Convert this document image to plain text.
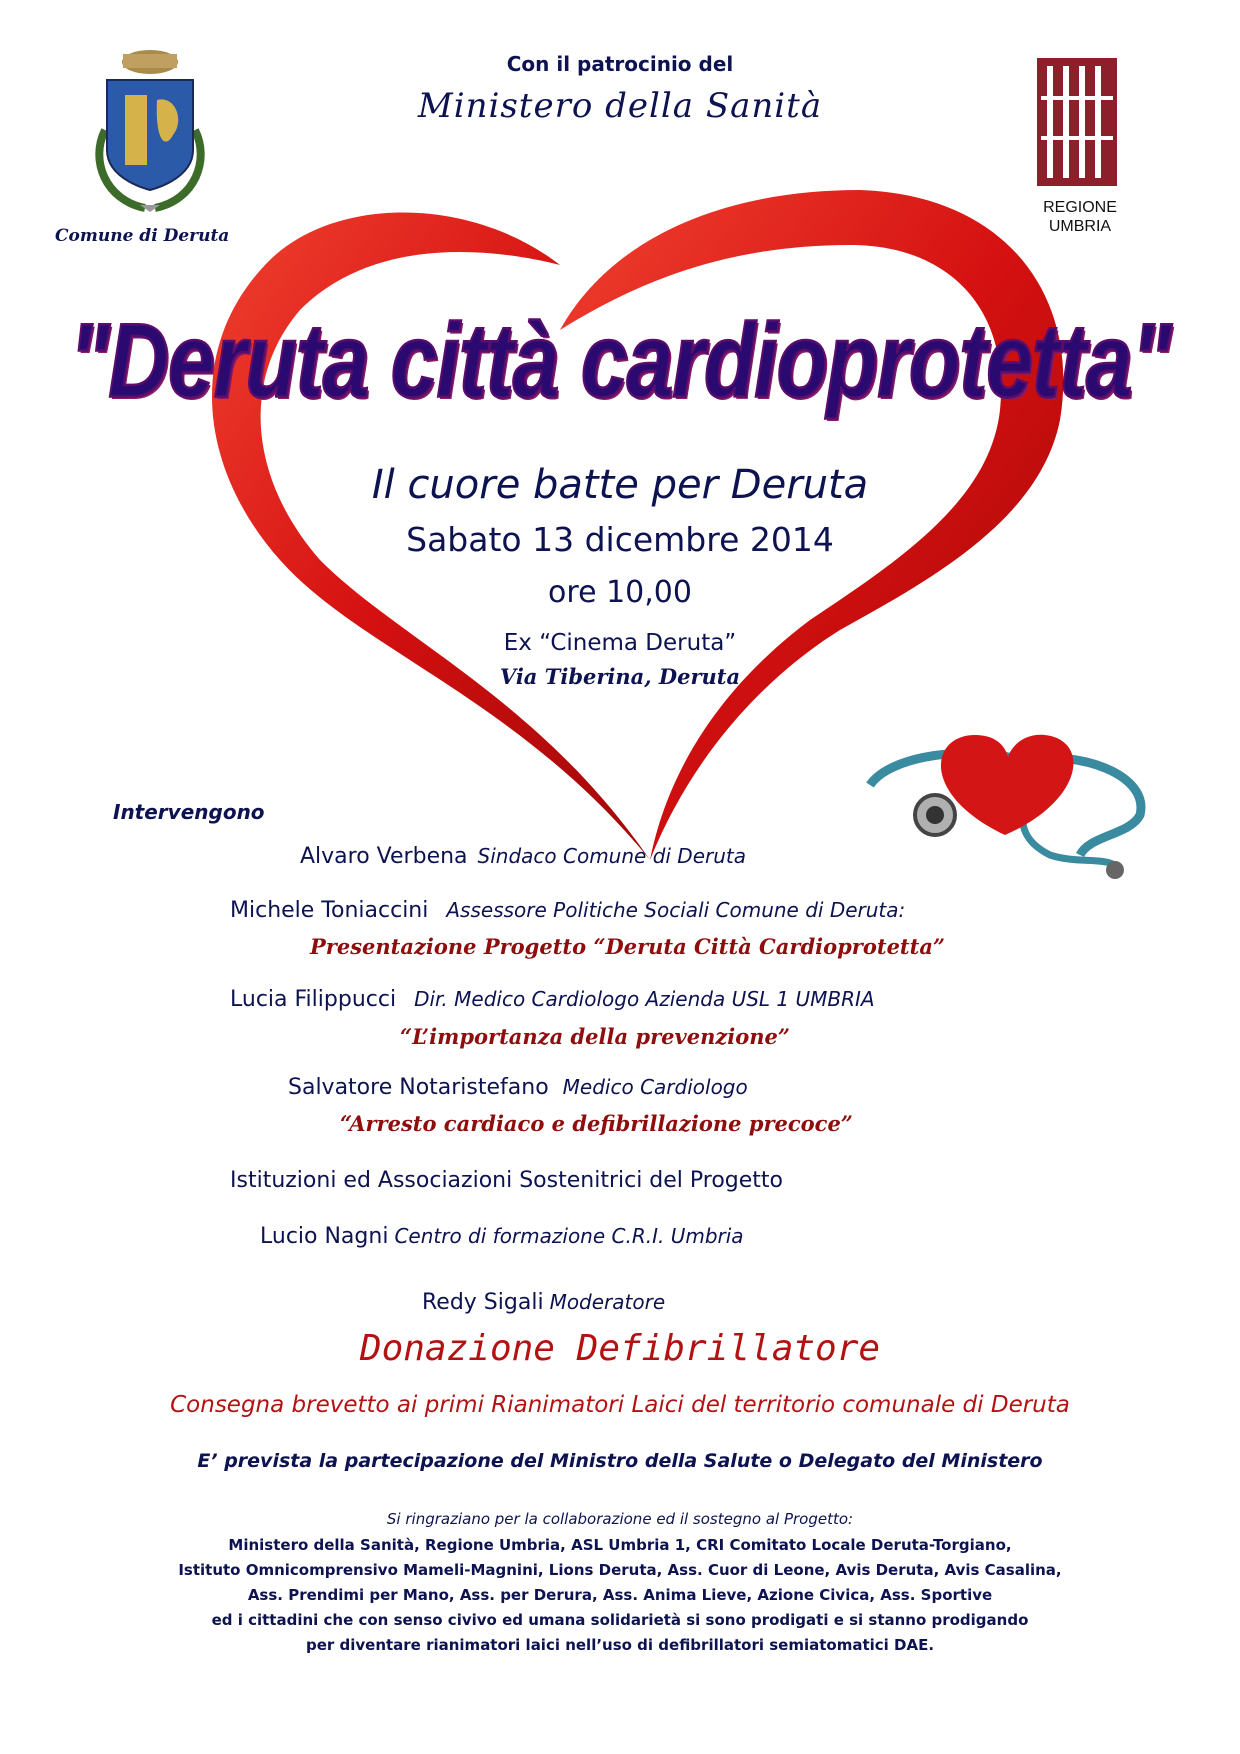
Comune di Deruta
REGIONE
UMBRIA
Con il patrocinio del
Ministero della Sanità
"Deruta città cardioprotetta"
Il cuore batte per Deruta
Sabato 13 dicembre 2014
ore 10,00
Ex “Cinema Deruta”
Via Tiberina, Deruta
Intervengono
Alvaro Verbena Sindaco Comune di Deruta
Michele Toniaccini Assessore Politiche Sociali Comune di Deruta:
Presentazione Progetto “Deruta Città Cardioprotetta”
Lucia Filippucci Dir. Medico Cardiologo Azienda USL 1 UMBRIA
“L’importanza della prevenzione”
Salvatore Notaristefano Medico Cardiologo
“Arresto cardiaco e defibrillazione precoce”
Istituzioni ed Associazioni Sostenitrici del Progetto
Lucio Nagni Centro di formazione C.R.I. Umbria
Redy Sigali Moderatore
Donazione Defibrillatore
Consegna brevetto ai primi Rianimatori Laici del territorio comunale di Deruta
E’ prevista la partecipazione del Ministro della Salute o Delegato del Ministero
Si ringraziano per la collaborazione ed il sostegno al Progetto:
Ministero della Sanità, Regione Umbria, ASL Umbria 1, CRI Comitato Locale Deruta-Torgiano,
Istituto Omnicomprensivo Mameli-Magnini, Lions Deruta, Ass. Cuor di Leone, Avis Deruta, Avis Casalina,
Ass. Prendimi per Mano, Ass. per Derura, Ass. Anima Lieve, Azione Civica, Ass. Sportive
ed i cittadini che con senso civivo ed umana solidarietà si sono prodigati e si stanno prodigando
per diventare rianimatori laici nell’uso di defibrillatori semiatomatici DAE.
